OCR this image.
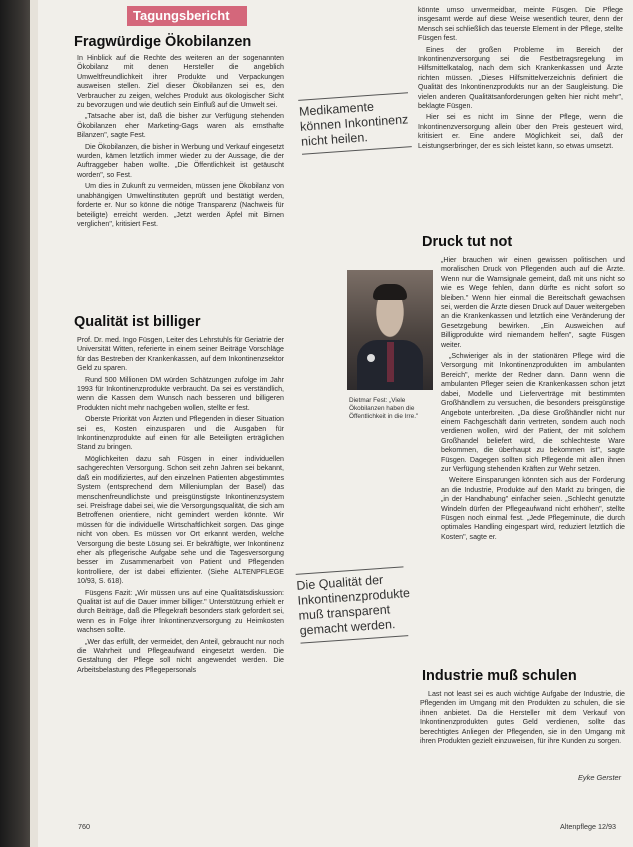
Tagungsbericht
Fragwürdige Ökobilanzen

In Hinblick auf die Rechte des weiteren an der sogenannten Ökobilanz mit denen Hersteller die angeblich Umweltfreundlichkeit ihrer Produkte und Verpackungen ausweisen stellen. Ziel dieser Ökobilanzen sei es, den Verbraucher zu zeigen, welches Produkt aus ökologischer Sicht zu bevorzugen und wie deutlich sein Einfluß auf die Umwelt sei.

„Tatsache aber ist, daß die bisher zur Verfügung stehenden Ökobilanzen eher Marketing-Gags waren als ernsthafte Bilanzen", sagte Fest.

Die Ökobilanzen, die bisher in Werbung und Verkauf eingesetzt wurden, kämen letztlich immer wieder zu der Aussage, die der Auftraggeber haben wollte. „Die Öffentlichkeit ist getäuscht worden", so Fest.

Um dies in Zukunft zu vermeiden, müssen jene Ökobilanz von unabhängigen Umweltinstituten geprüft und bestätigt werden, forderte er. Nur so könne die nötige Transparenz (Nachweis für beteiligte) erreicht werden. „Jetzt werden Äpfel mit Birnen verglichen", kritisiert Fest.

Qualität ist billiger

Prof. Dr. med. Ingo Füsgen, Leiter des Lehrstuhls für Geriatrie der Universität Witten, referierte in einem seiner Beiträge Vorschläge für das Bestreben der Krankenkassen, auf dem Inkontinenzsektor Geld zu sparen.

Rund 500 Millionen DM würden Schätzungen zufolge im Jahr 1993 für Inkontinenzprodukte verbraucht. Da sei es verständlich, wenn die Kassen dem Wunsch nach besseren und billigeren Produkten nicht mehr nachgeben wollen, stellte er fest.

Oberste Priorität von Ärzten und Pflegenden in dieser Situation sei es, Kosten einzusparen und die Ausgaben für Inkontinenzprodukte auf einen für alle Beteiligten erträglichen Stand zu bringen.

Möglichkeiten dazu sah Füsgen in einer individuellen sachgerechten Versorgung. Schon seit zehn Jahren sei bekannt, daß ein modifiziertes, auf den einzelnen Patienten abgestimmtes System (entsprechend dem Milleniumplan der Basel) das menschenfreundlichste und preisgünstigste Inkontinenzsystem sei. Preisfrage dabei sei, wie die Versorgungsqualität, die sich am Betroffenen orientiere, nicht gemindert werden könnte. Wir müssen für die individuelle Wirtschaftlichkeit sorgen. Das ginge nicht von oben. Es müssen vor Ort erkannt werden, welche Versorgung die beste Lösung sei. Er bekräftigte, wer Inkontinenz eher als pflegerische Aufgabe sehe und die Tagesversorgung besser im Zusammenarbeit von Patient und Pflegenden kontrolliere, der ist dabei effizienter. (Siehe ALTENPFLEGE 10/93, S. 618).

Füsgens Fazit: „Wir müssen uns auf eine Qualitätsdiskussion: Qualität ist auf die Dauer immer billiger." Unterstützung erhielt er durch Beiträge, daß die Pflegekraft besonders stark gefordert sei, wenn es in Folge ihrer Inkontinenzversorgung zu Heimkosten wachsen sollte.

„Wer das erfüllt, der vermeidet, den Anteil, gebraucht nur noch die Wahrheit und Pflegeaufwand eingesetzt werden. Die Gestaltung der Pflege soll nicht angewendet werden. Die Arbeitsbelastung des Pflegepersonals

Medikamente können Inkontinenz nicht heilen.
Die Qualität der Inkontinenzprodukte muß transparent gemacht werden.

könnte umso unvermeidbar, meinte Füsgen. Die Pflege insgesamt werde auf diese Weise wesentlich teurer, denn der Mensch sei schließlich das teuerste Element in der Pflege, stellte Füsgen fest.

Eines der großen Probleme im Bereich der Inkontinenzversorgung sei die Festbetragsregelung im Hilfsmittelkatalog, nach dem sich Krankenkassen und Ärzte richten müssen. „Dieses Hilfsmittelverzeichnis definiert die Qualität des Inkontinenzprodukts nur an der Saugleistung. Die vielen anderen Qualitätsanforderungen gelten hier nicht mehr", beklagte Füsgen.

Hier sei es nicht im Sinne der Pflege, wenn die Inkontinenzversorgung allein über den Preis gesteuert wird, kritisiert er. Eine andere Möglichkeit sei, daß der Leistungserbringer, der es sich leistet kann, so etwas umsetzt.

Druck tut not
Dietmar Fest: „Viele Ökobilanzen haben die Öffentlichkeit in die Irre."

„Hier brauchen wir einen gewissen politischen und moralischen Druck von Pflegenden auch auf die Ärzte. Wenn nur die Warnsignale gemeint, daß mit uns nicht so wie es Wege fehlen, dann dürfte es nicht sofort so bleiben." Wenn hier einmal die Bereitschaft gewachsen sei, werden die Ärzte diesen Druck auf Dauer weitergeben an die Krankenkassen und letztlich eine Veränderung der Gesetzgebung bewirken. „Ein Ausweichen auf Billigprodukte wird niemandem helfen", sagte Füsgen weiter.

„Schwieriger als in der stationären Pflege wird die Versorgung mit Inkontinenzprodukten im ambulanten Bereich", merkte der Redner dann. Dann wenn die ambulanten Pfleger seien die Krankenkassen schon jetzt dabei, Modelle und Lieferverträge mit bestimmten Großhändlern zu versuchen, die besonders preisgünstige Angebote unterbreiten. „Da diese Großhändler nicht nur einem Fachgeschäft darin vertreten, sondern auch noch verdienen wollen, wird der Patient, der mit solchem Großhandel beliefert wird, die schlechteste Ware bekommen, die überhaupt zu bekommen ist", sagte Füsgen. Dagegen sollten sich Pflegende mit allen ihnen zur Verfügung stehenden Kräften zur Wehr setzen.

Weitere Einsparungen könnten sich aus der Forderung an die Industrie, Produkte auf den Markt zu bringen, die „in der Handhabung" einfacher seien. „Schlecht genutzte Windeln dürfen der Pflegeaufwand nicht erhöhen", stellte Füsgen noch einmal fest. „Jede Pflegeminute, die durch optimales Handling eingespart wird, reduziert letztlich die Kosten", sagte er.

Industrie muß schulen

Last not least sei es auch wichtige Aufgabe der Industrie, die Pflegenden im Umgang mit den Produkten zu schulen, die sie ihnen anbietet. Da die Hersteller mit dem Verkauf von Inkontinenzprodukten gutes Geld verdienen, sollte das berechtigtes Anliegen der Pflegenden, sie in den Umgang mit ihren Produkten gezielt einzuweisen, für ihre Kunden zu sorgen.

Eyke Gerster
760	Altenpflege 12/93
